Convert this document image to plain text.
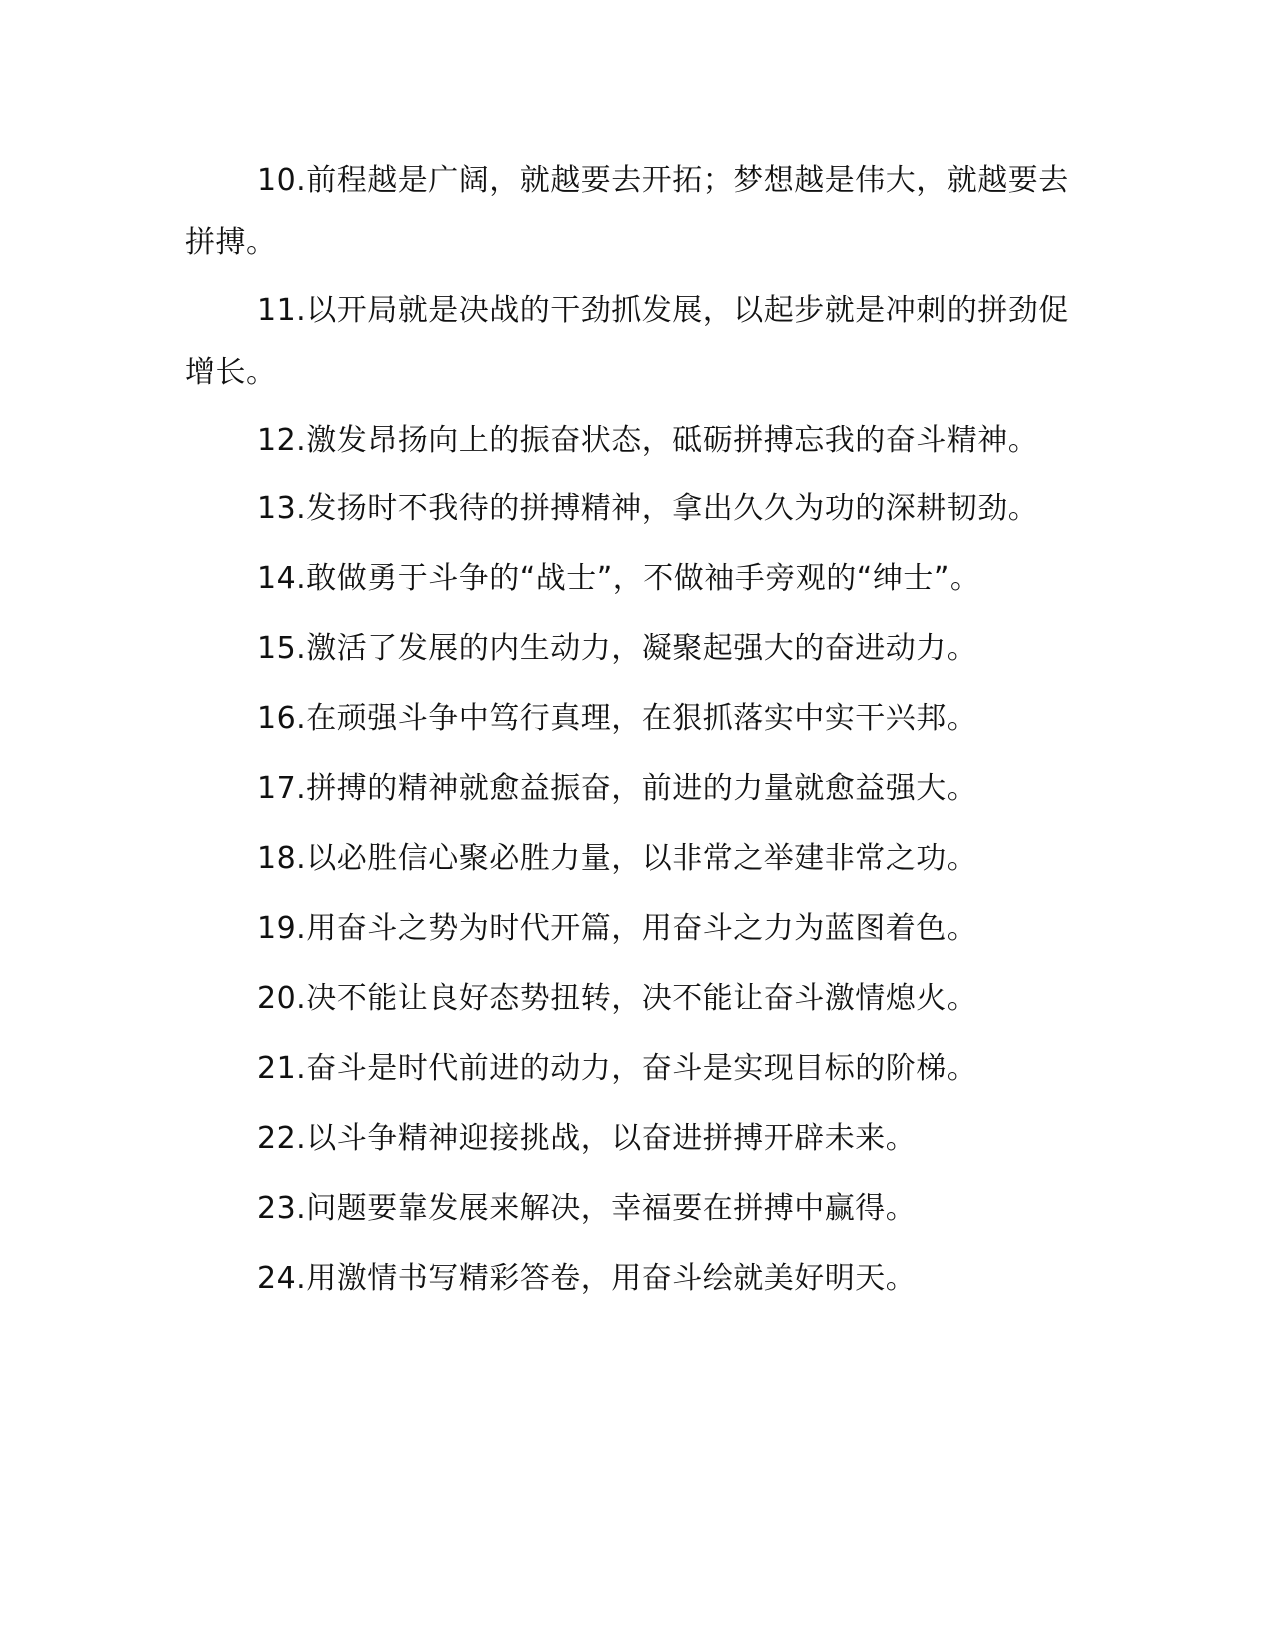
10.前程越是广阔，就越要去开拓；梦想越是伟大，就越要去拼搏。

11.以开局就是决战的干劲抓发展，以起步就是冲刺的拼劲促增长。

12.激发昂扬向上的振奋状态，砥砺拼搏忘我的奋斗精神。

13.发扬时不我待的拼搏精神，拿出久久为功的深耕韧劲。

14.敢做勇于斗争的“战士”，不做袖手旁观的“绅士”。

15.激活了发展的内生动力，凝聚起强大的奋进动力。

16.在顽强斗争中笃行真理，在狠抓落实中实干兴邦。

17.拼搏的精神就愈益振奋，前进的力量就愈益强大。

18.以必胜信心聚必胜力量，以非常之举建非常之功。

19.用奋斗之势为时代开篇，用奋斗之力为蓝图着色。

20.决不能让良好态势扭转，决不能让奋斗激情熄火。

21.奋斗是时代前进的动力，奋斗是实现目标的阶梯。

22.以斗争精神迎接挑战，以奋进拼搏开辟未来。

23.问题要靠发展来解决，幸福要在拼搏中赢得。

24.用激情书写精彩答卷，用奋斗绘就美好明天。
